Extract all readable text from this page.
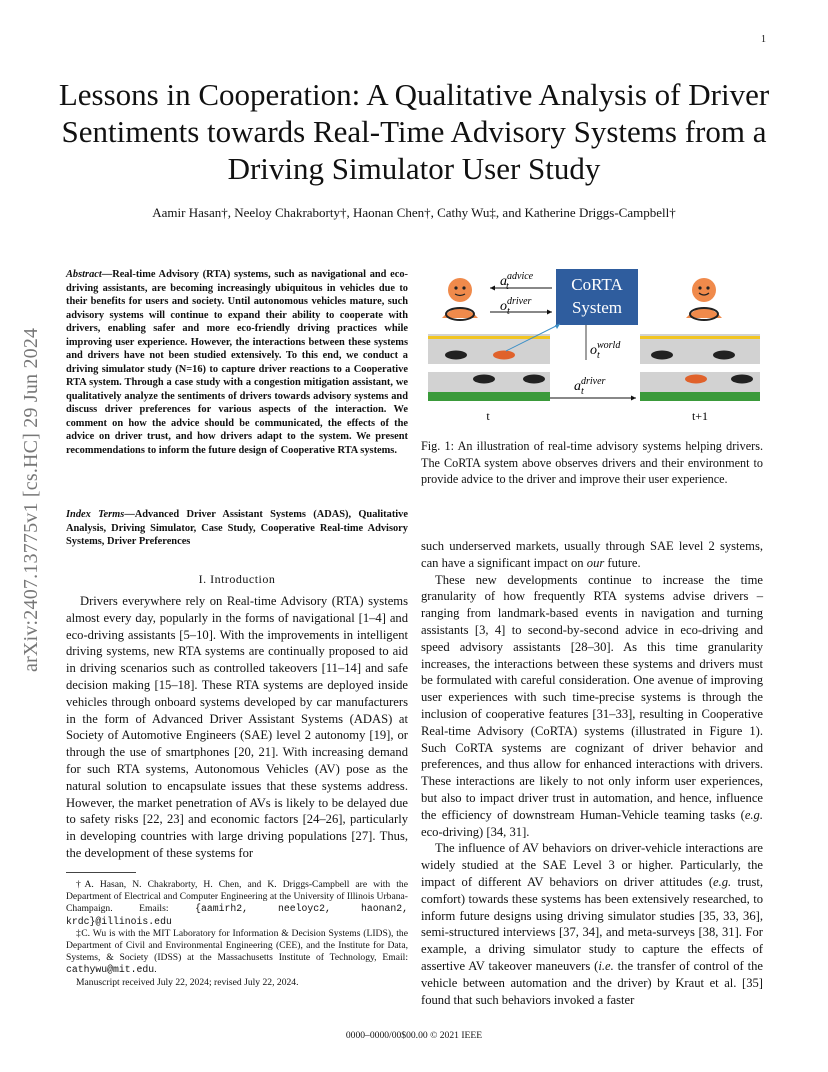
1
Lessons in Cooperation: A Qualitative Analysis of Driver Sentiments towards Real-Time Advisory Systems from a Driving Simulator User Study
Aamir Hasan†, Neeloy Chakraborty†, Haonan Chen†, Cathy Wu‡, and Katherine Driggs-Campbell†
arXiv:2407.13775v1 [cs.HC] 29 Jun 2024
Abstract—Real-time Advisory (RTA) systems, such as navigational and eco-driving assistants, are becoming increasingly ubiquitous in vehicles due to their benefits for users and society. Until autonomous vehicles mature, such advisory systems will continue to expand their ability to cooperate with drivers, enabling safer and more eco-friendly driving practices while improving user experience. However, the interactions between these systems and drivers have not been studied extensively. To this end, we conduct a driving simulator study (N=16) to capture driver reactions to a Cooperative RTA system. Through a case study with a congestion mitigation assistant, we qualitatively analyze the sentiments of drivers towards advisory systems and discuss driver preferences for various aspects of the interaction. We comment on how the advice should be communicated, the effects of the advice on driver trust, and how drivers adapt to the system. We present recommendations to inform the future design of Cooperative RTA systems.
Index Terms—Advanced Driver Assistant Systems (ADAS), Qualitative Analysis, Driving Simulator, Case Study, Cooperative Real-time Advisory Systems, Driver Preferences
I. Introduction

Drivers everywhere rely on Real-time Advisory (RTA) systems almost every day, popularly in the forms of navigational [1–4] and eco-driving assistants [5–10]. With the improvements in intelligent driving systems, new RTA systems are continually proposed to aid in driving scenarios such as controlled takeovers [11–14] and safe decision making [15–18]. These RTA systems are deployed inside vehicles through onboard systems developed by car manufacturers in the form of Advanced Driver Assistant Systems (ADAS) at Society of Automotive Engineers (SAE) level 2 autonomy [19], or through the use of smartphones [20, 21]. With increasing demand for such RTA systems, Autonomous Vehicles (AV) pose as the natural solution to encapsulate issues that these systems address. However, the market penetration of AVs is likely to be delayed due to safety risks [22, 23] and economic factors [24–26], particularly in developing countries with large driving populations [27]. Thus, the development of these systems for

†A. Hasan, N. Chakraborty, H. Chen, and K. Driggs-Campbell are with the Department of Electrical and Computer Engineering at the University of Illinois Urbana-Champaign. Emails: {aamirh2, neeloyc2, haonan2, krdc}@illinois.edu

‡C. Wu is with the MIT Laboratory for Information & Decision Systems (LIDS), the Department of Civil and Environmental Engineering (CEE), and the Institute for Data, Systems, & Society (IDSS) at the Massachusetts Institute of Technology, Email: cathywu@mit.edu.

Manuscript received July 22, 2024; revised July 22, 2024.

CoRTA
System
$a^{advice}$ t
$o^{driver}$ t
$o^{world}$ t
$a^{driver}$ t
t	t+1
Fig. 1: An illustration of real-time advisory systems helping drivers. The CoRTA system above observes drivers and their environment to provide advice to the driver and improve their user experience.

such underserved markets, usually through SAE level 2 systems, can have a significant impact on our future.

These new developments continue to increase the time granularity of how frequently RTA systems advise drivers – ranging from landmark-based events in navigation and turning assistants [3, 4] to second-by-second advice in eco-driving and speed advisory assistants [28–30]. As this time granularity increases, the interactions between these systems and drivers must be formulated with careful consideration. One avenue of improving user experiences with such time-precise systems is through the inclusion of cooperative features [31–33], resulting in Cooperative Real-time Advisory (CoRTA) systems (illustrated in Figure 1). Such CoRTA systems are cognizant of driver behavior and preferences, and thus allow for enhanced interactions with drivers. These interactions are likely to not only inform user experiences, but also to impact driver trust in automation, and hence, influence the efficiency of downstream Human-Vehicle teaming tasks (e.g. eco-driving) [34, 31].

The influence of AV behaviors on driver-vehicle interactions are widely studied at the SAE Level 3 or higher. Particularly, the impact of different AV behaviors on driver attitudes (e.g. trust, comfort) towards these systems has been extensively researched, to inform future designs using driving simulator studies [35, 33, 36], semi-structured interviews [37, 34], and meta-surveys [38, 31]. For example, a driving simulator study to capture the effects of assertive AV takeover maneuvers (i.e. the transfer of control of the vehicle between automation and the driver) by Kraut et al. [35] found that such behaviors invoked a faster

0000–0000/00$00.00 © 2021 IEEE
